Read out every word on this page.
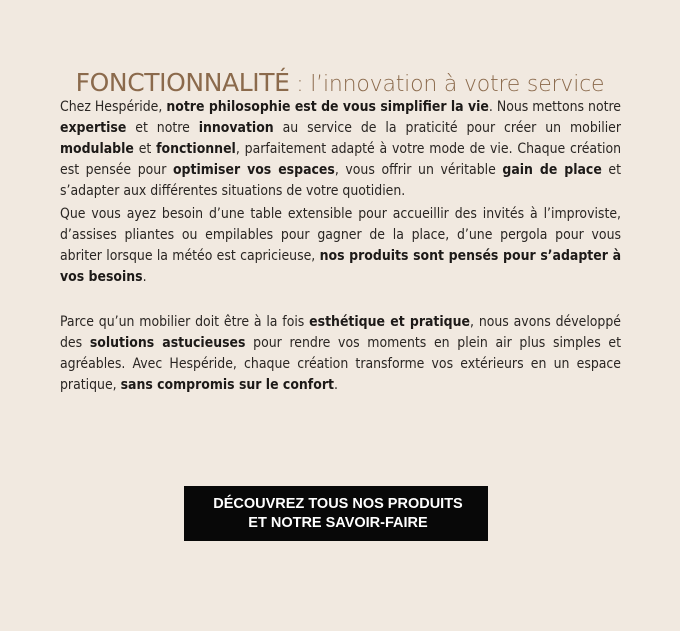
FONCTIONNALITÉ : l’innovation à votre service

Chez Hespéride, notre philosophie est de vous simplifier la vie. Nous mettons notre expertise et notre innovation au service de la praticité pour créer un mobilier modulable et fonctionnel, parfaitement adapté à votre mode de vie. Chaque création est pensée pour optimiser vos espaces, vous offrir un véritable gain de place et s’adapter aux différentes situations de votre quotidien.

Que vous ayez besoin d’une table extensible pour accueillir des invités à l’improviste, d’assises pliantes ou empilables pour gagner de la place, d’une pergola pour vous abriter lorsque la météo est capricieuse, nos produits sont pensés pour s’adapter à vos besoins.

Parce qu’un mobilier doit être à la fois esthétique et pratique, nous avons développé des solutions astucieuses pour rendre vos moments en plein air plus simples et agréables. Avec Hespéride, chaque création transforme vos extérieurs en un espace pratique, sans compromis sur le confort.

DÉCOUVREZ TOUS NOS PRODUITS
ET NOTRE SAVOIR-FAIRE
